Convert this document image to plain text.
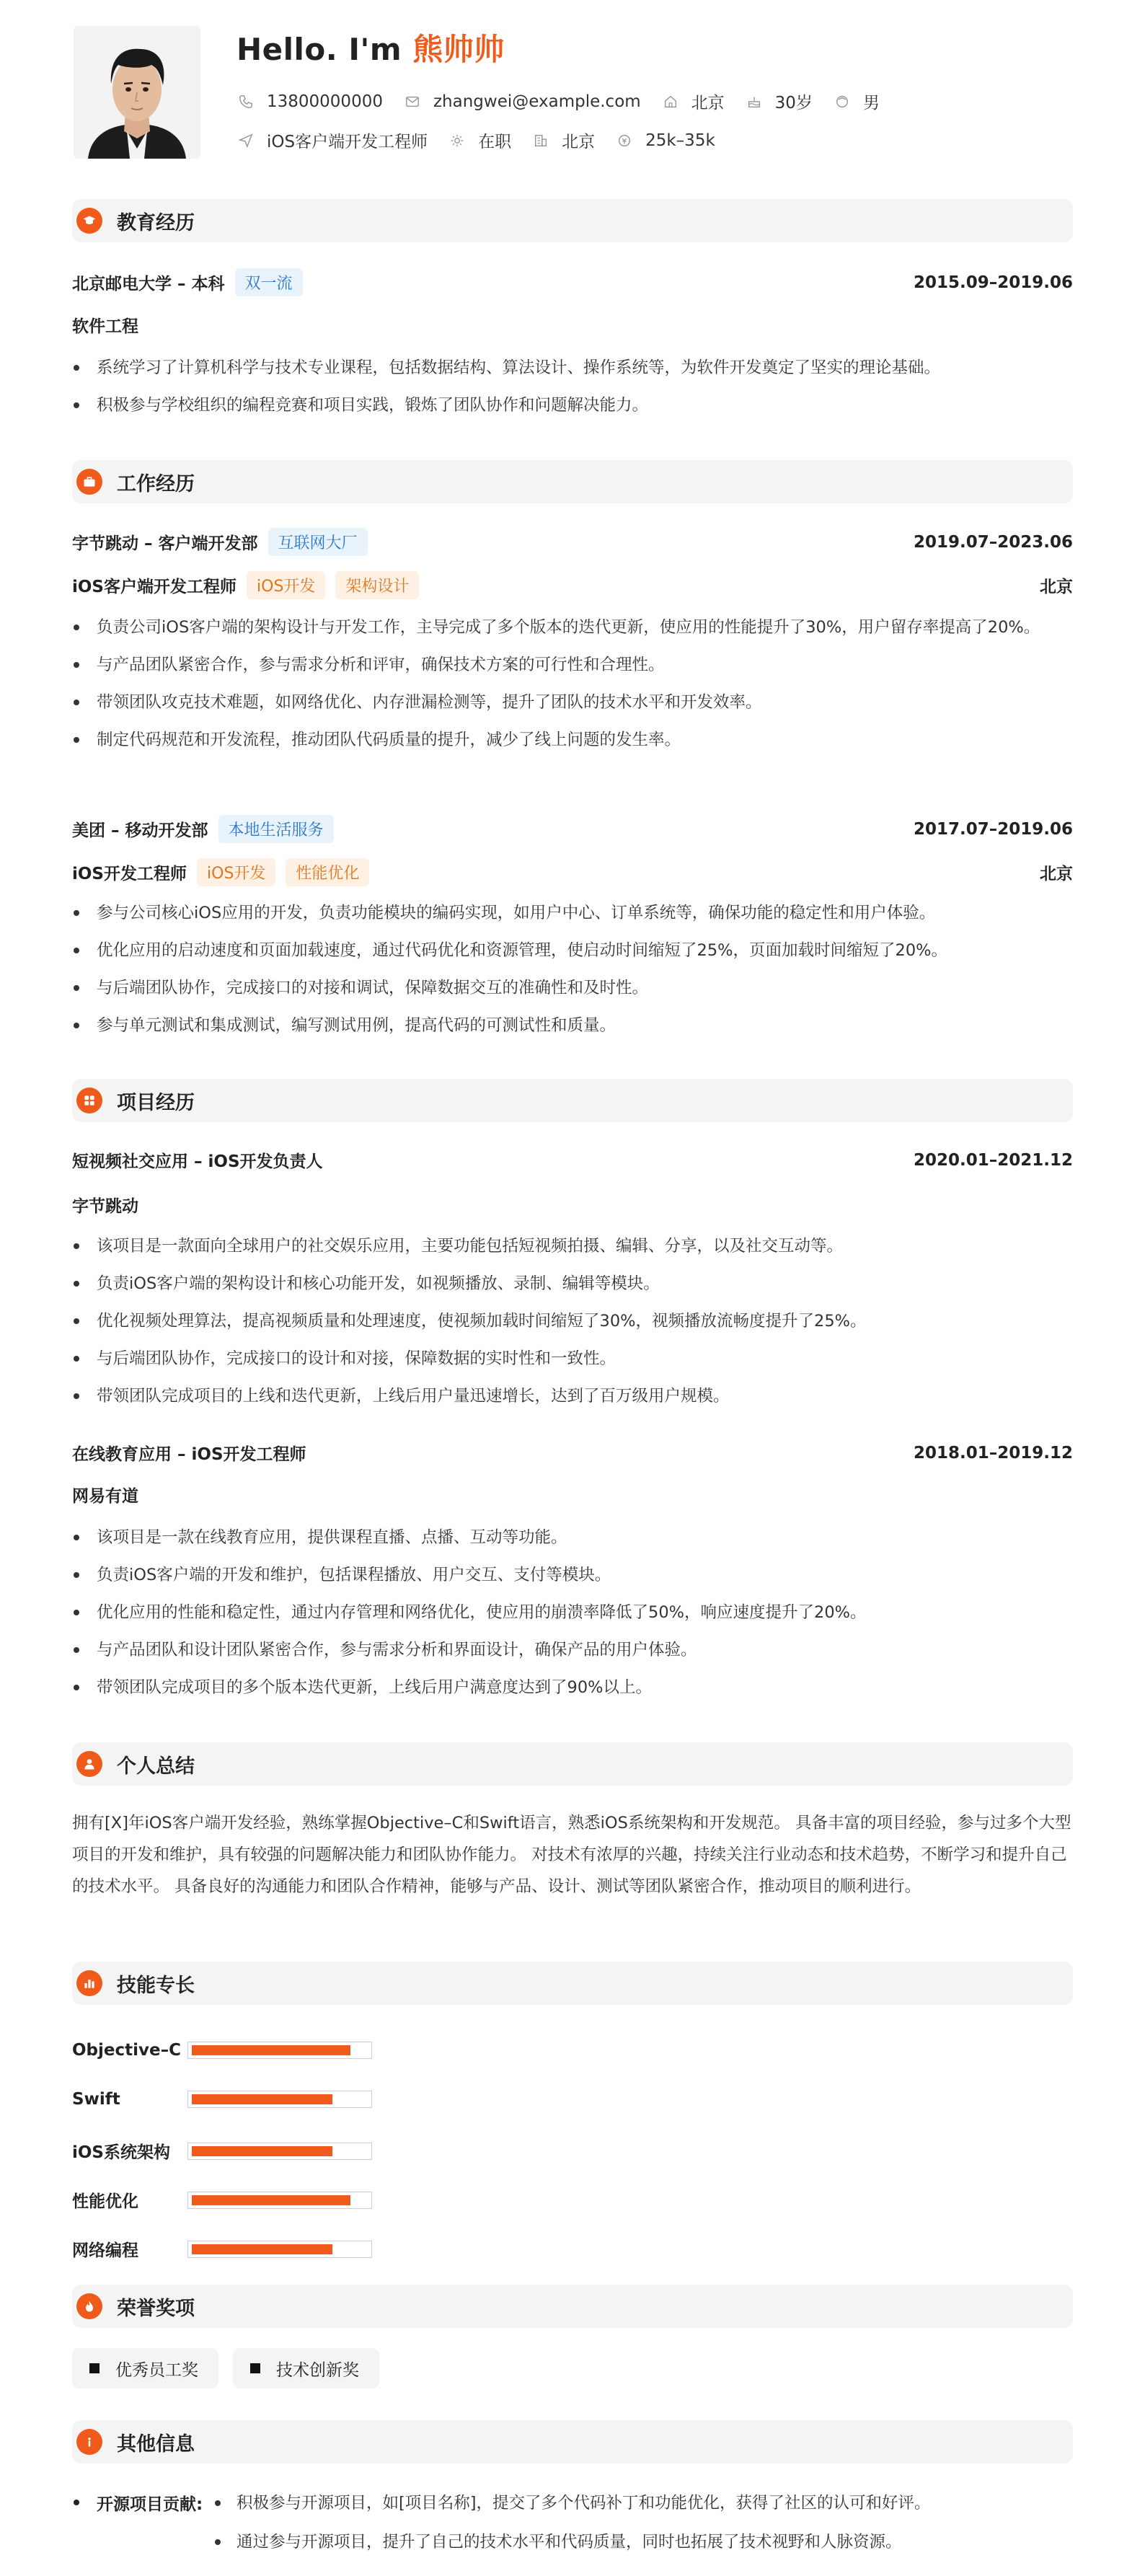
Hello. I'm 熊帅帅
13800000000	zhangwei@example.com	北京	30岁	男
iOS客户端开发工程师	在职	北京	25k–35k
教育经历
北京邮电大学 – 本科	双一流	2015.09–2019.06
软件工程
系统学习了计算机科学与技术专业课程，包括数据结构、算法设计、操作系统等，为软件开发奠定了坚实的理论基础。
积极参与学校组织的编程竞赛和项目实践，锻炼了团队协作和问题解决能力。
工作经历
字节跳动 – 客户端开发部	互联网大厂	2019.07–2023.06
iOS客户端开发工程师	iOS开发	架构设计	北京
负责公司iOS客户端的架构设计与开发工作，主导完成了多个版本的迭代更新，使应用的性能提升了30%，用户留存率提高了20%。
与产品团队紧密合作，参与需求分析和评审，确保技术方案的可行性和合理性。
带领团队攻克技术难题，如网络优化、内存泄漏检测等，提升了团队的技术水平和开发效率。
制定代码规范和开发流程，推动团队代码质量的提升，减少了线上问题的发生率。
美团 – 移动开发部	本地生活服务	2017.07–2019.06
iOS开发工程师	iOS开发	性能优化	北京
参与公司核心iOS应用的开发，负责功能模块的编码实现，如用户中心、订单系统等，确保功能的稳定性和用户体验。
优化应用的启动速度和页面加载速度，通过代码优化和资源管理，使启动时间缩短了25%，页面加载时间缩短了20%。
与后端团队协作，完成接口的对接和调试，保障数据交互的准确性和及时性。
参与单元测试和集成测试，编写测试用例，提高代码的可测试性和质量。
项目经历
短视频社交应用 – iOS开发负责人	2020.01–2021.12
字节跳动
该项目是一款面向全球用户的社交娱乐应用，主要功能包括短视频拍摄、编辑、分享，以及社交互动等。
负责iOS客户端的架构设计和核心功能开发，如视频播放、录制、编辑等模块。
优化视频处理算法，提高视频质量和处理速度，使视频加载时间缩短了30%，视频播放流畅度提升了25%。
与后端团队协作，完成接口的设计和对接，保障数据的实时性和一致性。
带领团队完成项目的上线和迭代更新，上线后用户量迅速增长，达到了百万级用户规模。
在线教育应用 – iOS开发工程师	2018.01–2019.12
网易有道
该项目是一款在线教育应用，提供课程直播、点播、互动等功能。
负责iOS客户端的开发和维护，包括课程播放、用户交互、支付等模块。
优化应用的性能和稳定性，通过内存管理和网络优化，使应用的崩溃率降低了50%，响应速度提升了20%。
与产品团队和设计团队紧密合作，参与需求分析和界面设计，确保产品的用户体验。
带领团队完成项目的多个版本迭代更新，上线后用户满意度达到了90%以上。
个人总结

拥有[X]年iOS客户端开发经验，熟练掌握Objective–C和Swift语言，熟悉iOS系统架构和开发规范。 具备丰富的项目经验，参与过多个大型项目的开发和维护，具有较强的问题解决能力和团队协作能力。 对技术有浓厚的兴趣，持续关注行业动态和技术趋势，不断学习和提升自己的技术水平。 具备良好的沟通能力和团队合作精神，能够与产品、设计、测试等团队紧密合作，推动项目的顺利进行。

技能专长
Objective–C
Swift
iOS系统架构
性能优化
网络编程
荣誉奖项
优秀员工奖	技术创新奖
其他信息
开源项目贡献:	积极参与开源项目，如[项目名称]，提交了多个代码补丁和功能优化，获得了社区的认可和好评。
通过参与开源项目，提升了自己的技术水平和代码质量，同时也拓展了技术视野和人脉资源。
